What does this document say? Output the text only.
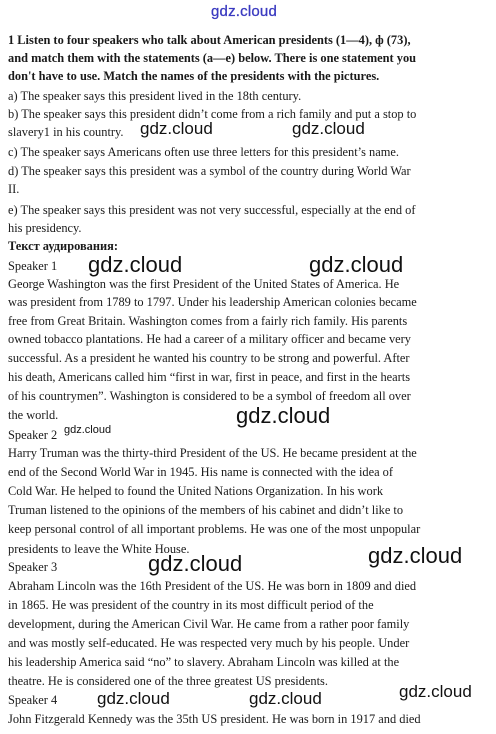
gdz.cloud
1 Listen to four speakers who talk about American presidents (1—4), ф (73),
and match them with the statements (a—e) below. There is one statement you
don't have to use. Match the names of the presidents with the pictures.
a) The speaker says this president lived in the 18th century.
b) The speaker says this president didn’t come from a rich family and put a stop to
slavery1 in his country.
c) The speaker says Americans often use three letters for this president’s name.
d) The speaker says this president was a symbol of the country during World War
II.
e) The speaker says this president was not very successful, especially at the end of
his presidency.
Текст аудирования:
Speaker 1
George Washington was the first President of the United States of America. He
was president from 1789 to 1797. Under his leadership American colonies became
free from Great Britain. Washington comes from a fairly rich family. His parents
owned tobacco plantations. He had a career of a military officer and became very
successful. As a president he wanted his country to be strong and powerful. After
his death, Americans called him “first in war, first in peace, and first in the hearts
of his countrymen”. Washington is considered to be a symbol of freedom all over
the world.
Speaker 2
Harry Truman was the thirty-third President of the US. He became president at the
end of the Second World War in 1945. His name is connected with the idea of
Cold War. He helped to found the United Nations Organization. In his work
Truman listened to the opinions of the members of his cabinet and didn’t like to
keep personal control of all important problems. He was one of the most unpopular
presidents to leave the White House.
Speaker 3
Abraham Lincoln was the 16th President of the US. He was born in 1809 and died
in 1865. He was president of the country in its most difficult period of the
development, during the American Civil War. He came from a rather poor family
and was mostly self-educated. He was respected very much by his people. Under
his leadership America said “no” to slavery. Abraham Lincoln was killed at the
theatre. He is considered one of the three greatest US presidents.
Speaker 4
John Fitzgerald Kennedy was the 35th US president. He was born in 1917 and died
gdz.cloud	gdz.cloud
gdz.cloud	gdz.cloud
gdz.cloud
gdz.cloud
gdz.cloud	gdz.cloud
gdz.cloud	gdz.cloud	gdz.cloud
